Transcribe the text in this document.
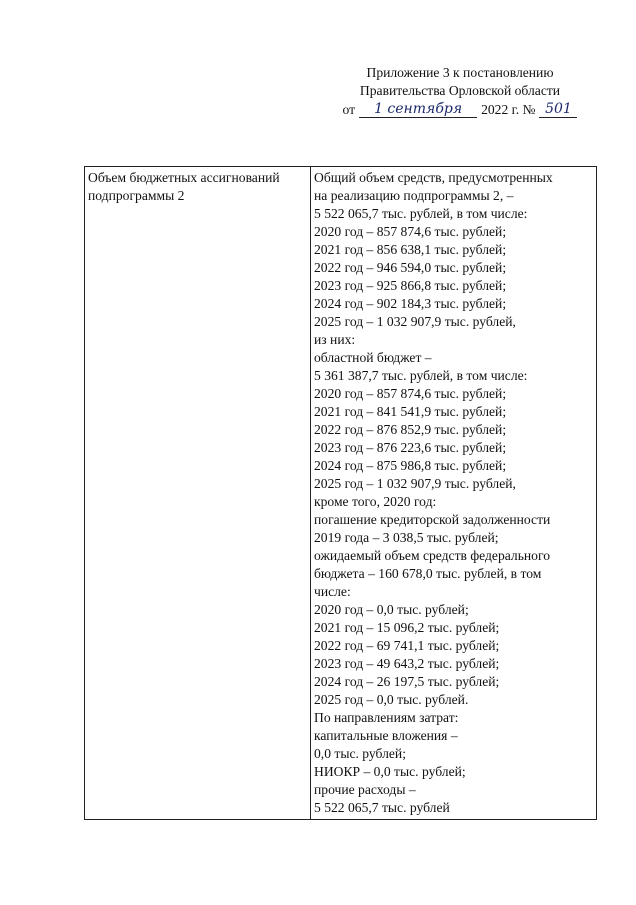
Приложение 3 к постановлению
Правительства Орловской области
от	1 сентября	2022 г. № 501
Объем бюджетных ассигнований
подпрограммы 2

Общий объем средств, предусмотренных
на реализацию подпрограммы 2, –
5 522 065,7 тыс. рублей, в том числе:
2020 год – 857 874,6 тыс. рублей;
2021 год – 856 638,1 тыс. рублей;
2022 год – 946 594,0 тыс. рублей;
2023 год – 925 866,8 тыс. рублей;
2024 год – 902 184,3 тыс. рублей;
2025 год – 1 032 907,9 тыс. рублей,
из них:
областной бюджет –
5 361 387,7 тыс. рублей, в том числе:
2020 год – 857 874,6 тыс. рублей;
2021 год – 841 541,9 тыс. рублей;
2022 год – 876 852,9 тыс. рублей;
2023 год – 876 223,6 тыс. рублей;
2024 год – 875 986,8 тыс. рублей;
2025 год – 1 032 907,9 тыс. рублей,
кроме того, 2020 год:
погашение кредиторской задолженности
2019 года – 3 038,5 тыс. рублей;
ожидаемый объем средств федерального
бюджета – 160 678,0 тыс. рублей, в том
числе:
2020 год – 0,0 тыс. рублей;
2021 год – 15 096,2 тыс. рублей;
2022 год – 69 741,1 тыс. рублей;
2023 год – 49 643,2 тыс. рублей;
2024 год – 26 197,5 тыс. рублей;
2025 год – 0,0 тыс. рублей.
По направлениям затрат:
капитальные вложения –
0,0 тыс. рублей;
НИОКР – 0,0 тыс. рублей;
прочие расходы –
5 522 065,7 тыс. рублей
